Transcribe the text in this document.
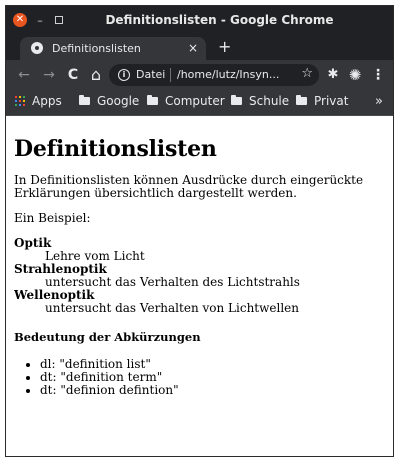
✕	–	Definitionslisten - Google Chrome
Definitionslisten	× +
← → C ⌂	i Datei /home/lutz/Insyn...	☆ ✱ ✺ ⋮
Apps	Google Computer Schule Privat »
Definitionslisten

In Definitionslisten können Ausdrücke durch eingerückte Erklärungen übersichtlich dargestellt werden.

Ein Beispiel:

Optik
Lehre vom Licht
Strahlenoptik
untersucht das Verhalten des Lichtstrahls
Wellenoptik
untersucht das Verhalten von Lichtwellen
Bedeutung der Abkürzungen
• dl: "definition list"
• dt: "definition term"
• dt: "definion defintion"
